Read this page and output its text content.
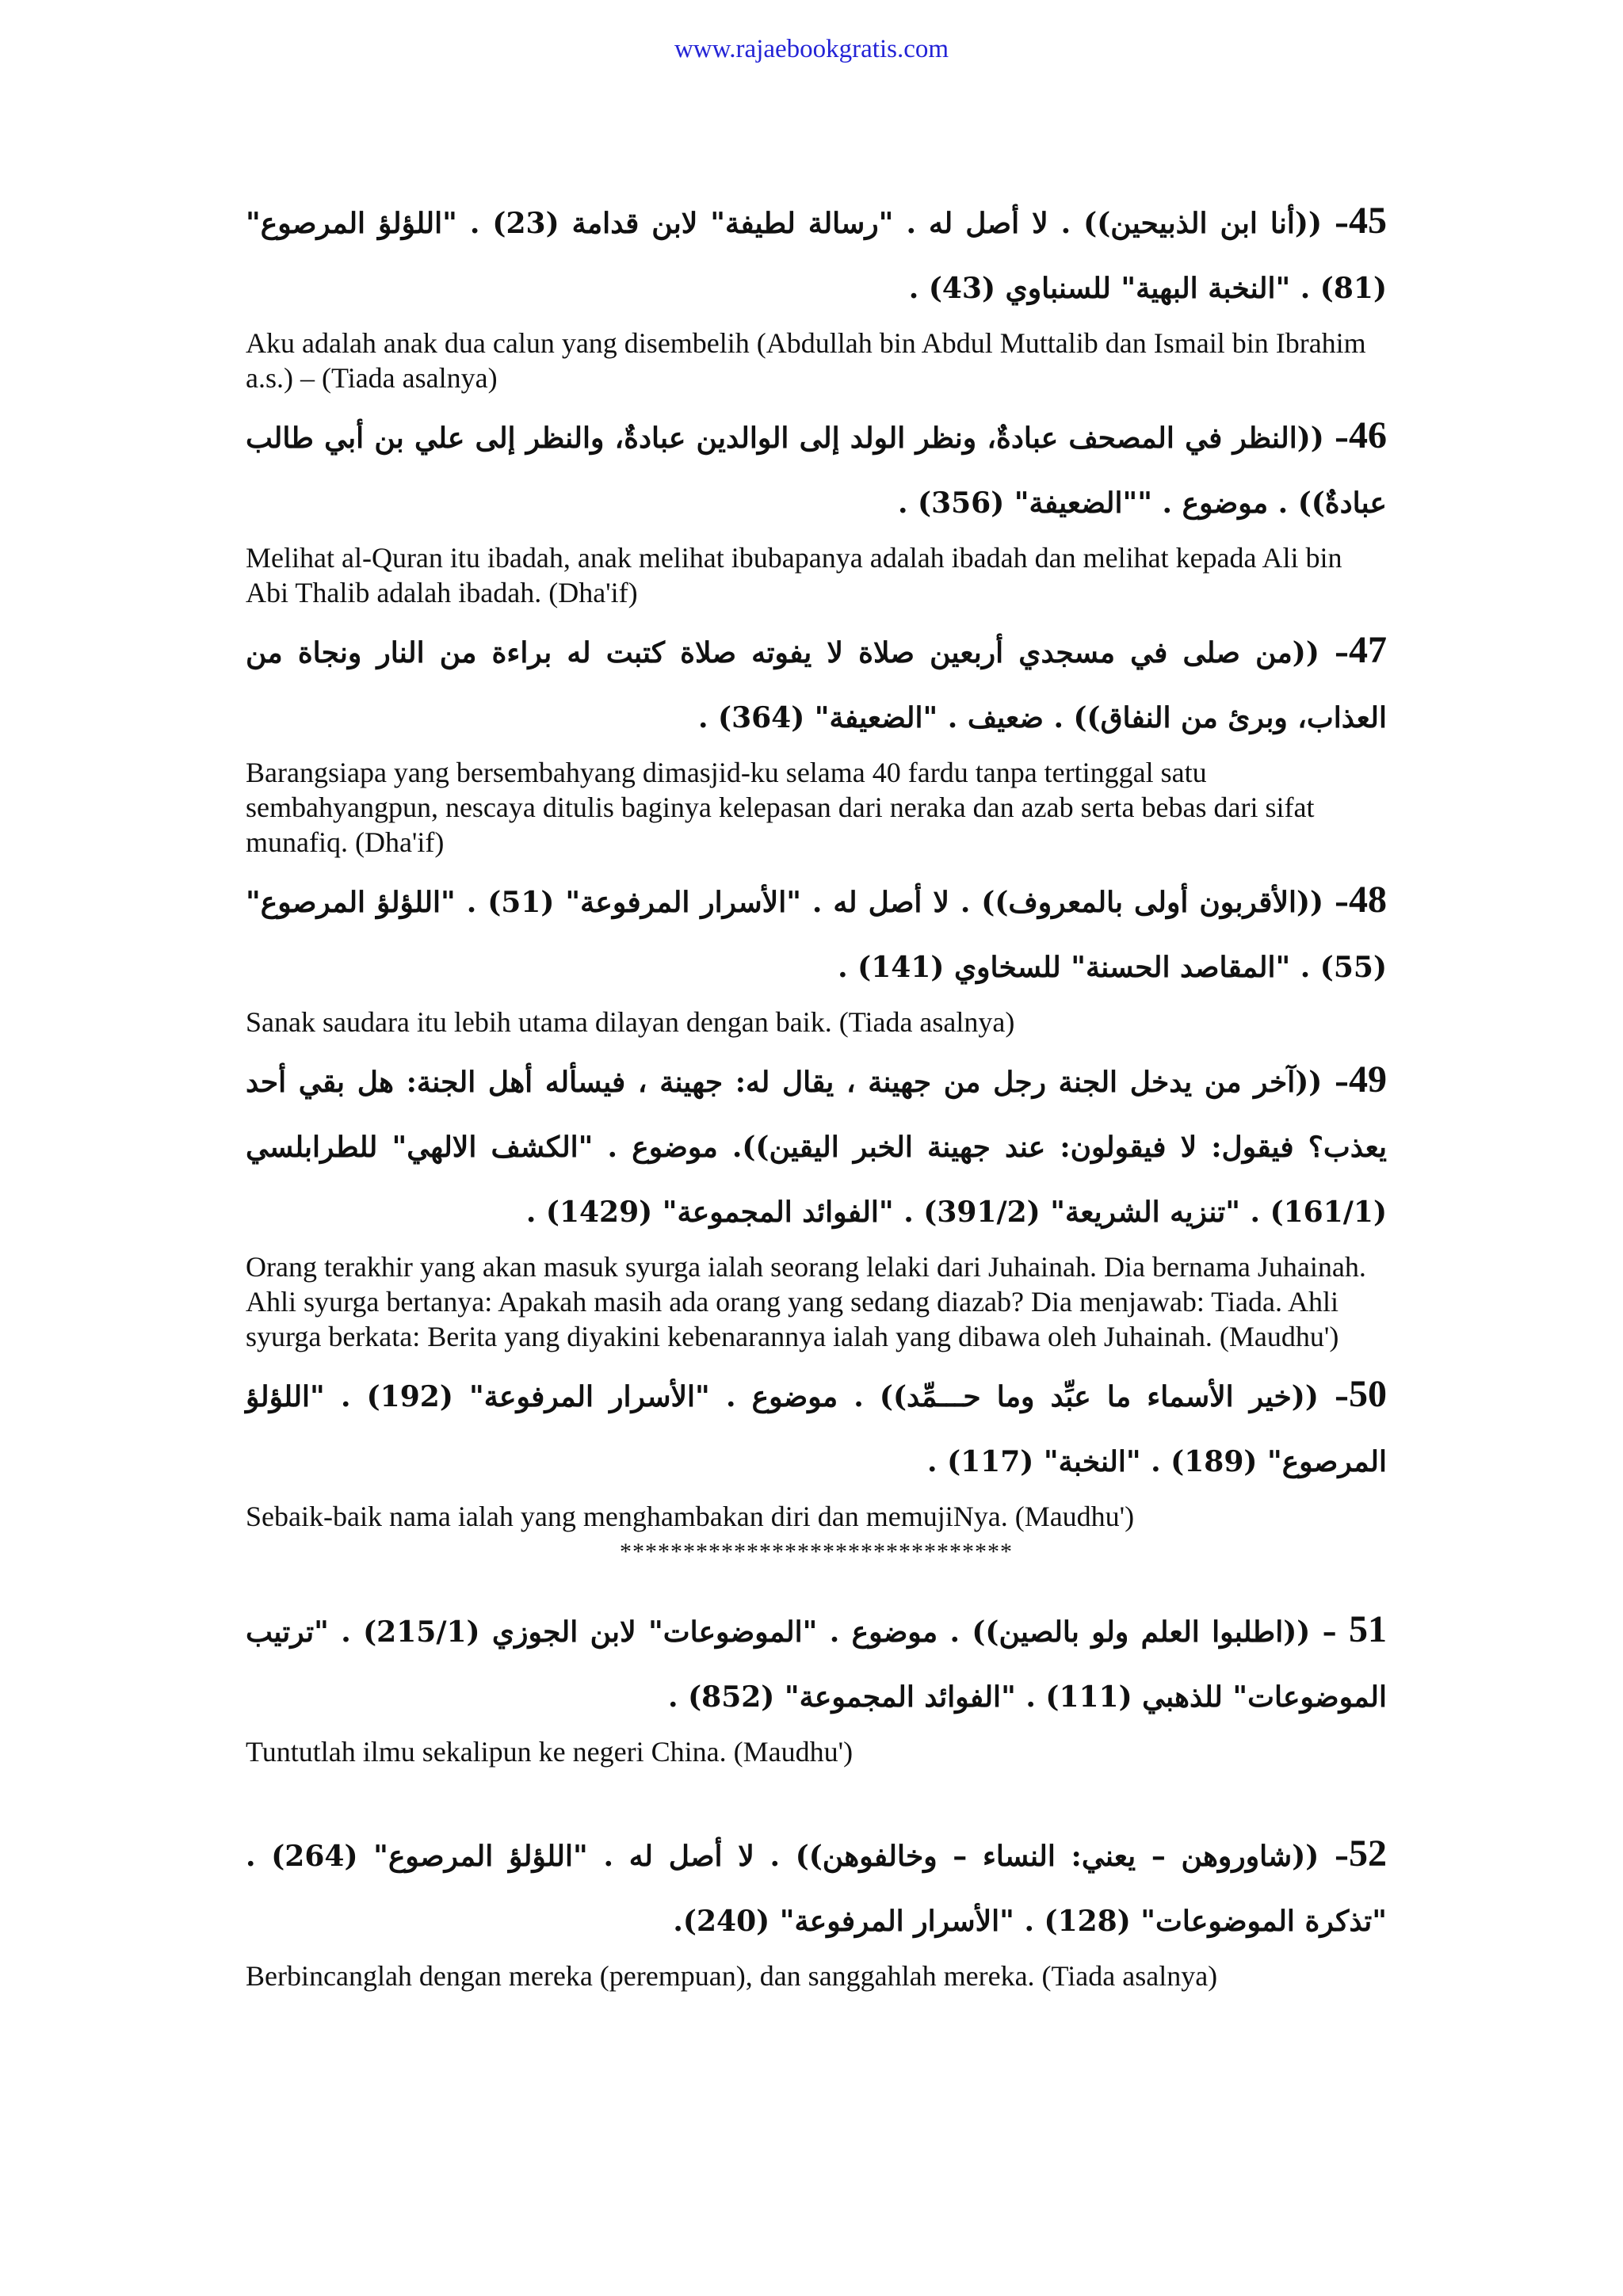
www.rajaebookgratis.com

45– ((أنا ابن الذبيحين)) . لا أصل له . "رسالة لطيفة" لابن قدامة (23) . "اللؤلؤ المرصوع" (81) . "النخبة البهية" للسنباوي (43) .

Aku adalah anak dua calun yang disembelih (Abdullah bin Abdul Muttalib dan Ismail bin Ibrahim a.s.) – (Tiada asalnya)

46– ((النظر في المصحف عبادةٌ، ونظر الولد إلى الوالدين عبادةٌ، والنظر إلى علي بن أبي طالب عبادةٌ)) . موضوع . ""الضعيفة" (356) .

Melihat al-Quran itu ibadah, anak melihat ibubapanya adalah ibadah dan melihat kepada Ali bin Abi Thalib adalah ibadah. (Dha'if)

47– ((من صلى في مسجدي أربعين صلاة لا يفوته صلاة كتبت له براءة من النار ونجاة من العذاب، وبرئ من النفاق)) . ضعيف . "الضعيفة" (364) .

Barangsiapa yang bersembahyang dimasjid-ku selama 40 fardu tanpa tertinggal satu sembahyangpun, nescaya ditulis baginya kelepasan dari neraka dan azab serta bebas dari sifat munafiq. (Dha'if)

48– ((الأقربون أولى بالمعروف)) . لا أصل له . "الأسرار المرفوعة" (51) . "اللؤلؤ المرصوع" (55) . "المقاصد الحسنة" للسخاوي (141) .

Sanak saudara itu lebih utama dilayan dengan baik. (Tiada asalnya)

49– ((آخر من يدخل الجنة رجل من جهينة ، يقال له: جهينة ، فيسأله أهل الجنة: هل بقي أحد يعذب؟ فيقول: لا فيقولون: عند جهينة الخبر اليقين)). موضوع . "الكشف الالهي" للطرابلسي (161/1) . "تنزيه الشريعة" (391/2) . "الفوائد المجموعة" (1429) .

Orang terakhir yang akan masuk syurga ialah seorang lelaki dari Juhainah. Dia bernama Juhainah. Ahli syurga bertanya: Apakah masih ada orang yang sedang diazab? Dia menjawab: Tiada. Ahli syurga berkata: Berita yang diyakini kebenarannya ialah yang dibawa oleh Juhainah. (Maudhu')

50– ((خير الأسماء ما عبِّد وما حـــمِّد)) . موضوع . "الأسرار المرفوعة" (192) . "اللؤلؤ المرصوع" (189) . "النخبة" (117) .

Sebaik-baik nama ialah yang menghambakan diri dan memujiNya. (Maudhu')

*******************************

51 – ((اطلبوا العلم ولو بالصين)) . موضوع . "الموضوعات" لابن الجوزي (215/1) . "ترتيب الموضوعات" للذهبي (111) . "الفوائد المجموعة" (852) .

Tuntutlah ilmu sekalipun ke negeri China. (Maudhu')

52– ((شاوروهن – يعني: النساء – وخالفوهن)) . لا أصل له . "اللؤلؤ المرصوع" (264) . "تذكرة الموضوعات" (128) . "الأسرار المرفوعة" (240).

Berbincanglah dengan mereka (perempuan), dan sanggahlah mereka. (Tiada asalnya)
